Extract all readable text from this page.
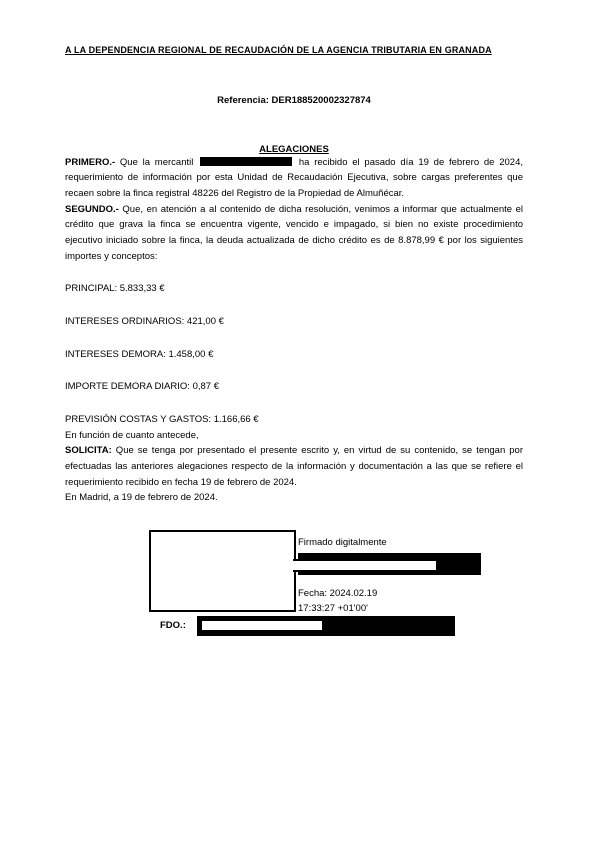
A LA DEPENDENCIA REGIONAL DE RECAUDACIÓN DE LA AGENCIA TRIBUTARIA EN GRANADA
Referencia: DER188520002327874
ALEGACIONES

PRIMERO.- Que la mercantil	ha recibido el pasado día 19 de febrero de 2024, requerimiento de información por esta Unidad de Recaudación Ejecutiva, sobre cargas preferentes que recaen sobre la finca registral 48226 del Registro de la Propiedad de Almuñécar.

SEGUNDO.- Que, en atención a al contenido de dicha resolución, venimos a informar que actualmente el crédito que grava la finca se encuentra vigente, vencido e impagado, si bien no existe procedimiento ejecutivo iniciado sobre la finca, la deuda actualizada de dicho crédito es de 8.878,99 € por los siguientes importes y conceptos:

PRINCIPAL: 5.833,33 €
INTERESES ORDINARIOS: 421,00 €
INTERESES DEMORA: 1.458,00 €
IMPORTE DEMORA DIARIO: 0,87 €
PREVISIÓN COSTAS Y GASTOS: 1.166,66 €

En función de cuanto antecede,

SOLICITA: Que se tenga por presentado el presente escrito y, en virtud de su contenido, se tengan por efectuadas las anteriores alegaciones respecto de la información y documentación a las que se refiere el requerimiento recibido en fecha 19 de febrero de 2024.

En Madrid, a 19 de febrero de 2024.

Firmado digitalmente
Fecha: 2024.02.19
17:33:27 +01'00'
FDO.:
